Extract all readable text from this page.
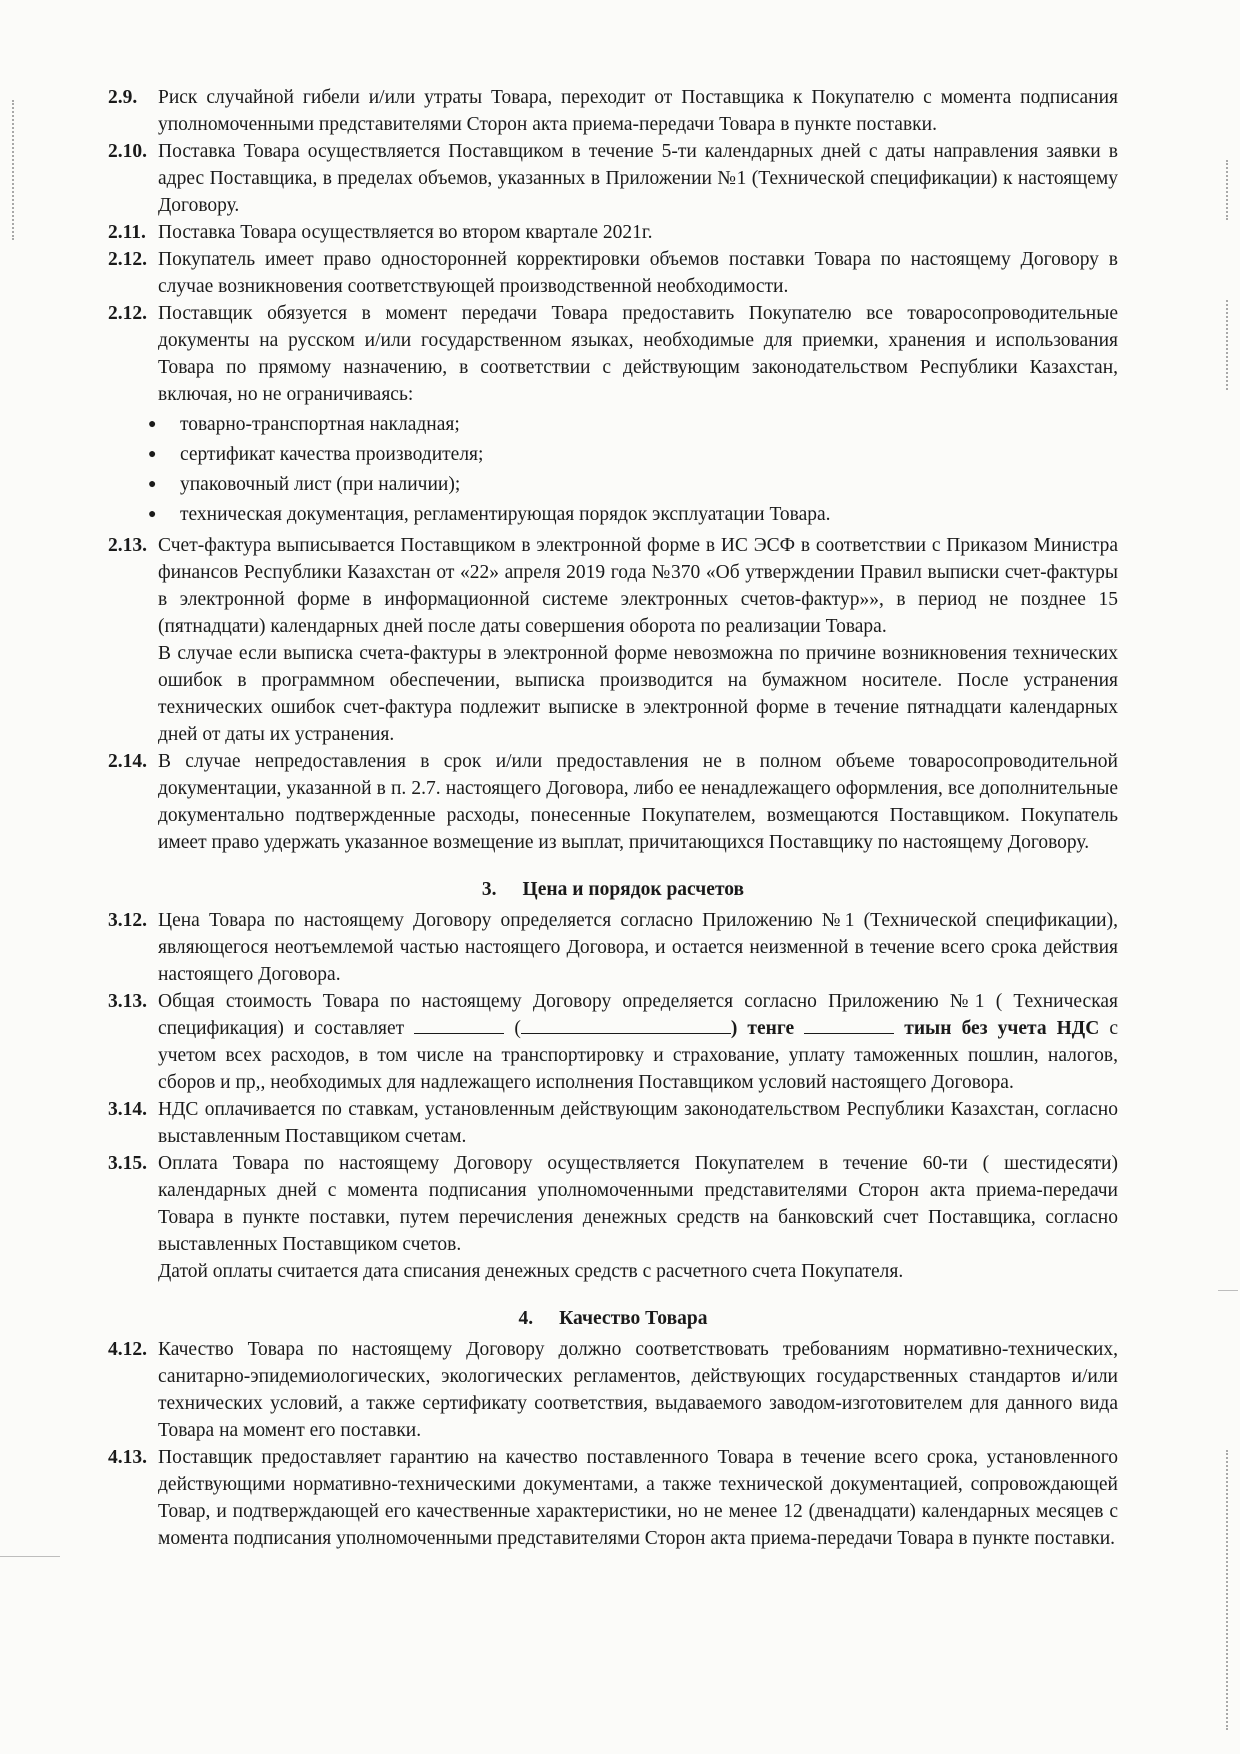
2.9. Риск случайной гибели и/или утраты Товара, переходит от Поставщика к Покупателю с момента подписания уполномоченными представителями Сторон акта приема-передачи Товара в пункте поставки.

2.10. Поставка Товара осуществляется Поставщиком в течение 5-ти календарных дней с даты направления заявки в адрес Поставщика, в пределах объемов, указанных в Приложении №1 (Технической спецификации) к настоящему Договору.

2.11. Поставка Товара осуществляется во втором квартале 2021г.

2.12. Покупатель имеет право односторонней корректировки объемов поставки Товара по настоящему Договору в случае возникновения соответствующей производственной необходимости.

2.12. Поставщик обязуется в момент передачи Товара предоставить Покупателю все товаросопроводительные документы на русском и/или государственном языках, необходимые для приемки, хранения и использования Товара по прямому назначению, в соответствии с действующим законодательством Республики Казахстан, включая, но не ограничиваясь:

● товарно-транспортная накладная;
● сертификат качества производителя;
● упаковочный лист (при наличии);
● техническая документация, регламентирующая порядок эксплуатации Товара.

2.13. Счет-фактура выписывается Поставщиком в электронной форме в ИС ЭСФ в соответствии с Приказом Министра финансов Республики Казахстан от «22» апреля 2019 года №370 «Об утверждении Правил выписки счет-фактуры в электронной форме в информационной системе электронных счетов-фактур»», в период не позднее 15 (пятнадцати) календарных дней после даты совершения оборота по реализации Товара.

В случае если выписка счета-фактуры в электронной форме невозможна по причине возникновения технических ошибок в программном обеспечении, выписка производится на бумажном носителе. После устранения технических ошибок счет-фактура подлежит выписке в электронной форме в течение пятнадцати календарных дней от даты их устранения.

2.14. В случае непредоставления в срок и/или предоставления не в полном объеме товаросопроводительной документации, указанной в п. 2.7. настоящего Договора, либо ее ненадлежащего оформления, все дополнительные документально подтвержденные расходы, понесенные Покупателем, возмещаются Поставщиком. Покупатель имеет право удержать указанное возмещение из выплат, причитающихся Поставщику по настоящему Договору.

3. Цена и порядок расчетов

3.12. Цена Товара по настоящему Договору определяется согласно Приложению №1 (Технической спецификации), являющегося неотъемлемой частью настоящего Договора, и остается неизменной в течение всего срока действия настоящего Договора.

3.13. Общая стоимость Товара по настоящему Договору определяется согласно Приложению №1 ( Техническая спецификация) и составляет	(	) тенге	тиын без учета НДС с учетом всех расходов, в том числе на транспортировку и страхование, уплату таможенных пошлин, налогов, сборов и пр,, необходимых для надлежащего исполнения Поставщиком условий настоящего Договора.

3.14. НДС оплачивается по ставкам, установленным действующим законодательством Республики Казахстан, согласно выставленным Поставщиком счетам.

3.15. Оплата Товара по настоящему Договору осуществляется Покупателем в течение 60-ти ( шестидесяти) календарных дней с момента подписания уполномоченными представителями Сторон акта приема-передачи Товара в пункте поставки, путем перечисления денежных средств на банковский счет Поставщика, согласно выставленных Поставщиком счетов.

Датой оплаты считается дата списания денежных средств с расчетного счета Покупателя.

4. Качество Товара

4.12. Качество Товара по настоящему Договору должно соответствовать требованиям нормативно-технических, санитарно-эпидемиологических, экологических регламентов, действующих государственных стандартов и/или технических условий, а также сертификату соответствия, выдаваемого заводом-изготовителем для данного вида Товара на момент его поставки.

4.13. Поставщик предоставляет гарантию на качество поставленного Товара в течение всего срока, установленного действующими нормативно-техническими документами, а также технической документацией, сопровождающей Товар, и подтверждающей его качественные характеристики, но не менее 12 (двенадцати) календарных месяцев с момента подписания уполномоченными представителями Сторон акта приема-передачи Товара в пункте поставки.
